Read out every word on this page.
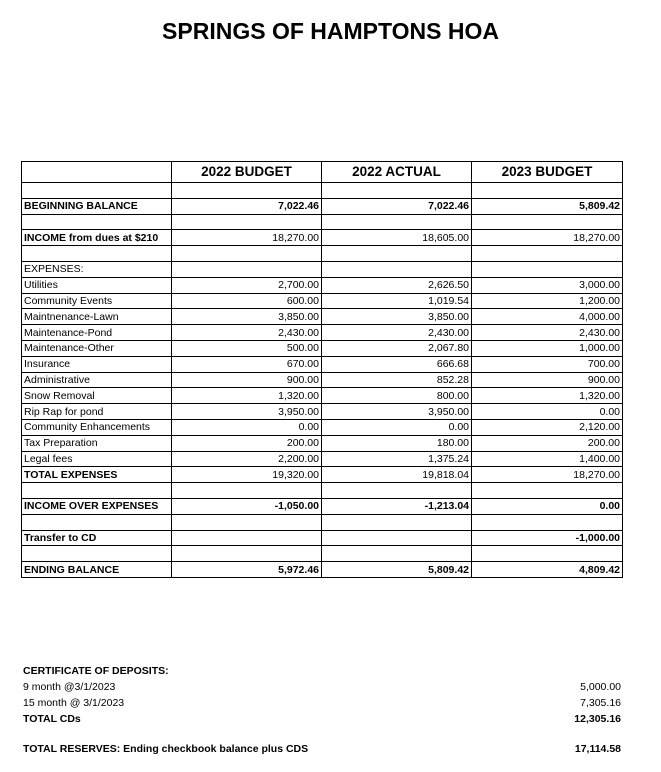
SPRINGS OF HAMPTONS HOA
	2022 BUDGET	2022 ACTUAL	2023 BUDGET

BEGINNING BALANCE	7,022.46	7,022.46	5,809.42

INCOME from dues at $210	18,270.00	18,605.00	18,270.00

EXPENSES:			
Utilities	2,700.00	2,626.50	3,000.00
Community Events	600.00	1,019.54	1,200.00
Maintnenance-Lawn	3,850.00	3,850.00	4,000.00
Maintenance-Pond	2,430.00	2,430.00	2,430.00
Maintenance-Other	500.00	2,067.80	1,000.00
Insurance	670.00	666.68	700.00
Administrative	900.00	852.28	900.00
Snow Removal	1,320.00	800.00	1,320.00
Rip Rap for pond	3,950.00	3,950.00	0.00
Community Enhancements	0.00	0.00	2,120.00
Tax Preparation	200.00	180.00	200.00
Legal fees	2,200.00	1,375.24	1,400.00
TOTAL EXPENSES	19,320.00	19,818.04	18,270.00

INCOME OVER EXPENSES	-1,050.00	-1,213.04	0.00

Transfer to CD			-1,000.00

ENDING BALANCE	5,972.46	5,809.42	4,809.42
CERTIFICATE OF DEPOSITS:
9 month @3/1/2023	5,000.00
15 month @ 3/1/2023	7,305.16
TOTAL CDs	12,305.16
TOTAL RESERVES: Ending checkbook balance plus CDS	17,114.58
